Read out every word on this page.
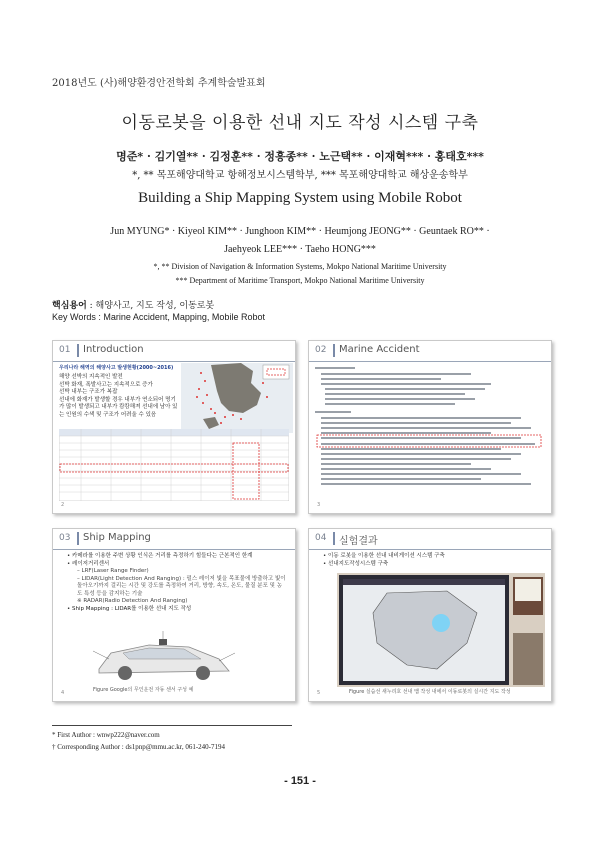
2018년도 (사)해양환경안전학회 추계학술발표회
이동로봇을 이용한 선내 지도 작성 시스템 구축
명준* · 김기열** · 김정훈** · 정흥종** · 노근택** · 이재혁*** · 홍태호***
*, ** 목포해양대학교 항해정보시스템학부, *** 목포해양대학교 해상운송학부
Building a Ship Mapping System using Mobile Robot
Jun MYUNG* · Kiyeol KIM** · Junghoon KIM** · Heumjong JEONG** · Geuntaek RO** ·
Jaehyeok LEE*** · Taeho HONG***
*, ** Division of Navigation & Information Systems, Mokpo National Maritime University
*** Department of Maritime Transport, Mokpo National Maritime University
핵심용어 : 해양사고, 지도 작성, 이동로봇
Key Words : Marine Accident, Mapping, Mobile Robot
01 Introduction
우리나라 해역의 해양사고 발생현황(2000~2016)
해양 선박의 지속적인 발전
선박 화재, 폭발사고는 지속적으로 증가
선박 내부는 구조가 복잡
선내에 화재가 발생할 경우 내부가 연소되어 명기가 많이 발생되고 내부가 캄캄해져 선내에 남아 있는 인원의 수색 및 구조가 어려울 수 있음
2
02 Marine Accident
3
03 Ship Mapping
• 카메라를 이용한 주변 상황 인식은 거리를 측정하기 힘들다는 근본적인 한계
• 레이저거리센서
– LRF(Laser Range Finder)
– LIDAR(Light Detection And Ranging) : 펄스 레이저 빛을 목표물에 방출하고 빛이 돌아오기까지 걸리는 시간 및 강도를 측정하여 거리, 방향, 속도, 온도, 물질 분포 및 농도 특성 등을 감지하는 기술
※ RADAR(Radio Detection And Ranging)
• Ship Mapping : LIDAR를 이용한 선내 지도 작성
Figure Google의 무인운전 자동 센서 구성 예
4
04 실험결과
• 이동 로봇을 이용한 선내 내비게이션 시스템 구축
• 선내지도작성시스템 구축
Figure 실습선 새누리호 선내 맵 작성 내에서 이동로봇의 실시간 지도 작성
5
* First Author : wnwp222@naver.com
† Corresponding Author : ds1pnp@mmu.ac.kr, 061-240-7194
- 151 -
